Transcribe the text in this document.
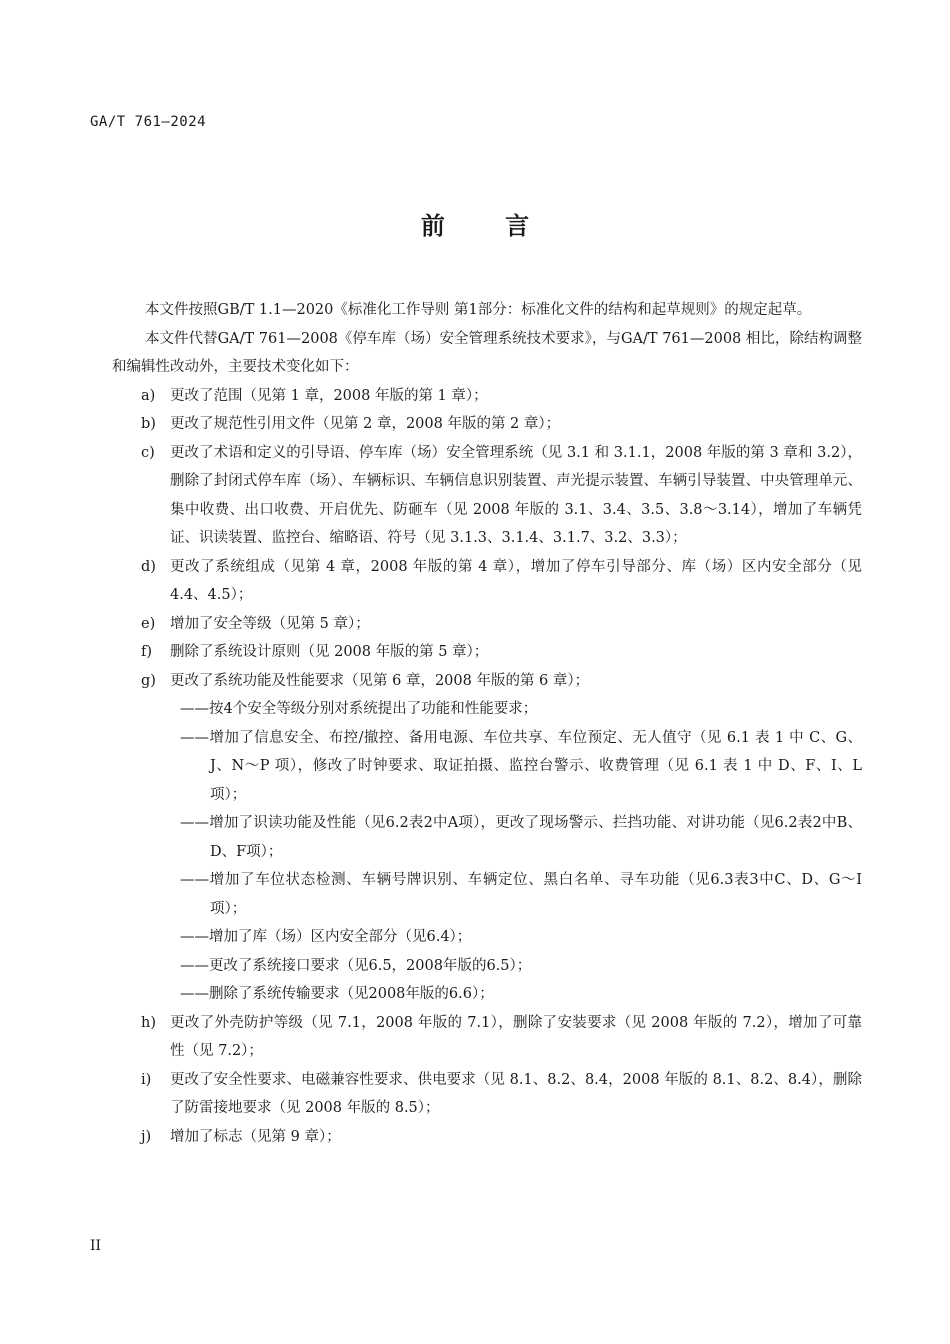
GA/T 761—2024
前 言

本文件按照GB/T 1.1—2020《标准化工作导则 第1部分：标准化文件的结构和起草规则》的规定起草。

本文件代替GA/T 761—2008《停车库（场）安全管理系统技术要求》，与GA/T 761—2008 相比，除结构调整和编辑性改动外，主要技术变化如下：

a) 更改了范围（见第 1 章，2008 年版的第 1 章）；
b) 更改了规范性引用文件（见第 2 章，2008 年版的第 2 章）；
c) 更改了术语和定义的引导语、停车库（场）安全管理系统（见 3.1 和 3.1.1，2008 年版的第 3 章和 3.2），删除了封闭式停车库（场）、车辆标识、车辆信息识别装置、声光提示装置、车辆引导装置、中央管理单元、集中收费、出口收费、开启优先、防砸车（见 2008 年版的 3.1、3.4、3.5、3.8～3.14），增加了车辆凭证、识读装置、监控台、缩略语、符号（见 3.1.3、3.1.4、3.1.7、3.2、3.3）；
d) 更改了系统组成（见第 4 章，2008 年版的第 4 章），增加了停车引导部分、库（场）区内安全部分（见 4.4、4.5）；
e) 增加了安全等级（见第 5 章）；
f) 删除了系统设计原则（见 2008 年版的第 5 章）；
g) 更改了系统功能及性能要求（见第 6 章，2008 年版的第 6 章）；

——按4个安全等级分别对系统提出了功能和性能要求；

——增加了信息安全、布控/撤控、备用电源、车位共享、车位预定、无人值守（见 6.1 表 1 中 C、G、J、N～P 项），修改了时钟要求、取证拍摄、监控台警示、收费管理（见 6.1 表 1 中 D、F、I、L 项）；

——增加了识读功能及性能（见6.2表2中A项），更改了现场警示、拦挡功能、对讲功能（见6.2表2中B、D、F项）；

——增加了车位状态检测、车辆号牌识别、车辆定位、黑白名单、寻车功能（见6.3表3中C、D、G～I项）；

——增加了库（场）区内安全部分（见6.4）；

——更改了系统接口要求（见6.5，2008年版的6.5）；

——删除了系统传输要求（见2008年版的6.6）；

h) 更改了外壳防护等级（见 7.1，2008 年版的 7.1），删除了安装要求（见 2008 年版的 7.2），增加了可靠性（见 7.2）；
i) 更改了安全性要求、电磁兼容性要求、供电要求（见 8.1、8.2、8.4，2008 年版的 8.1、8.2、8.4），删除了防雷接地要求（见 2008 年版的 8.5）；
j) 增加了标志（见第 9 章）；
II
